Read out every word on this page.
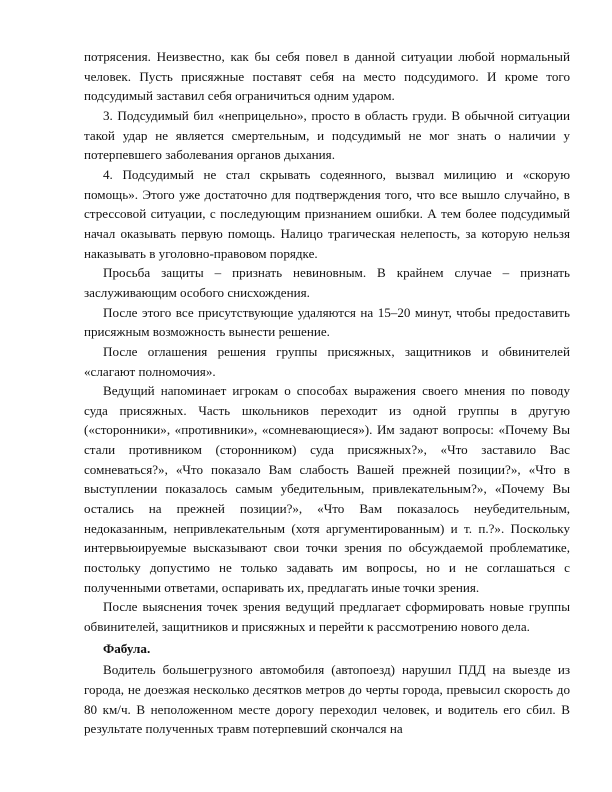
потрясения. Неизвестно, как бы себя повел в данной ситуации любой нормальный человек. Пусть присяжные поставят себя на место подсудимого. И кроме того подсудимый заставил себя ограничиться одним ударом.

3. Подсудимый бил «неприцельно», просто в область груди. В обычной ситуации такой удар не является смертельным, и подсудимый не мог знать о наличии у потерпевшего заболевания органов дыхания.

4. Подсудимый не стал скрывать содеянного, вызвал милицию и «скорую помощь». Этого уже достаточно для подтверждения того, что все вышло случайно, в стрессовой ситуации, с последующим признанием ошибки. А тем более подсудимый начал оказывать первую помощь. Налицо трагическая нелепость, за которую нельзя наказывать в уголовно-правовом порядке.

Просьба защиты – признать невиновным. В крайнем случае – признать заслуживающим особого снисхождения.

После этого все присутствующие удаляются на 15–20 минут, чтобы предоставить присяжным возможность вынести решение.

После оглашения решения группы присяжных, защитников и обвинителей «слагают полномочия».

Ведущий напоминает игрокам о способах выражения своего мнения по поводу суда присяжных. Часть школьников переходит из одной группы в другую («сторонники», «противники», «сомневающиеся»). Им задают вопросы: «Почему Вы стали противником (сторонником) суда присяжных?», «Что заставило Вас сомневаться?», «Что показало Вам слабость Вашей прежней позиции?», «Что в выступлении показалось самым убедительным, привлекательным?», «Почему Вы остались на прежней позиции?», «Что Вам показалось неубедительным, недоказанным, непривлекательным (хотя аргументированным) и т. п.?». Поскольку интервьюируемые высказывают свои точки зрения по обсуждаемой проблематике, постольку допустимо не только задавать им вопросы, но и не соглашаться с полученными ответами, оспаривать их, предлагать иные точки зрения.

После выяснения точек зрения ведущий предлагает сформировать новые группы обвинителей, защитников и присяжных и перейти к рассмотрению нового дела.

Фабула.

Водитель большегрузного автомобиля (автопоезд) нарушил ПДД на выезде из города, не доезжая несколько десятков метров до черты города, превысил скорость до 80 км/ч. В неположенном месте дорогу переходил человек, и водитель его сбил. В результате полученных травм потерпевший скончался на
